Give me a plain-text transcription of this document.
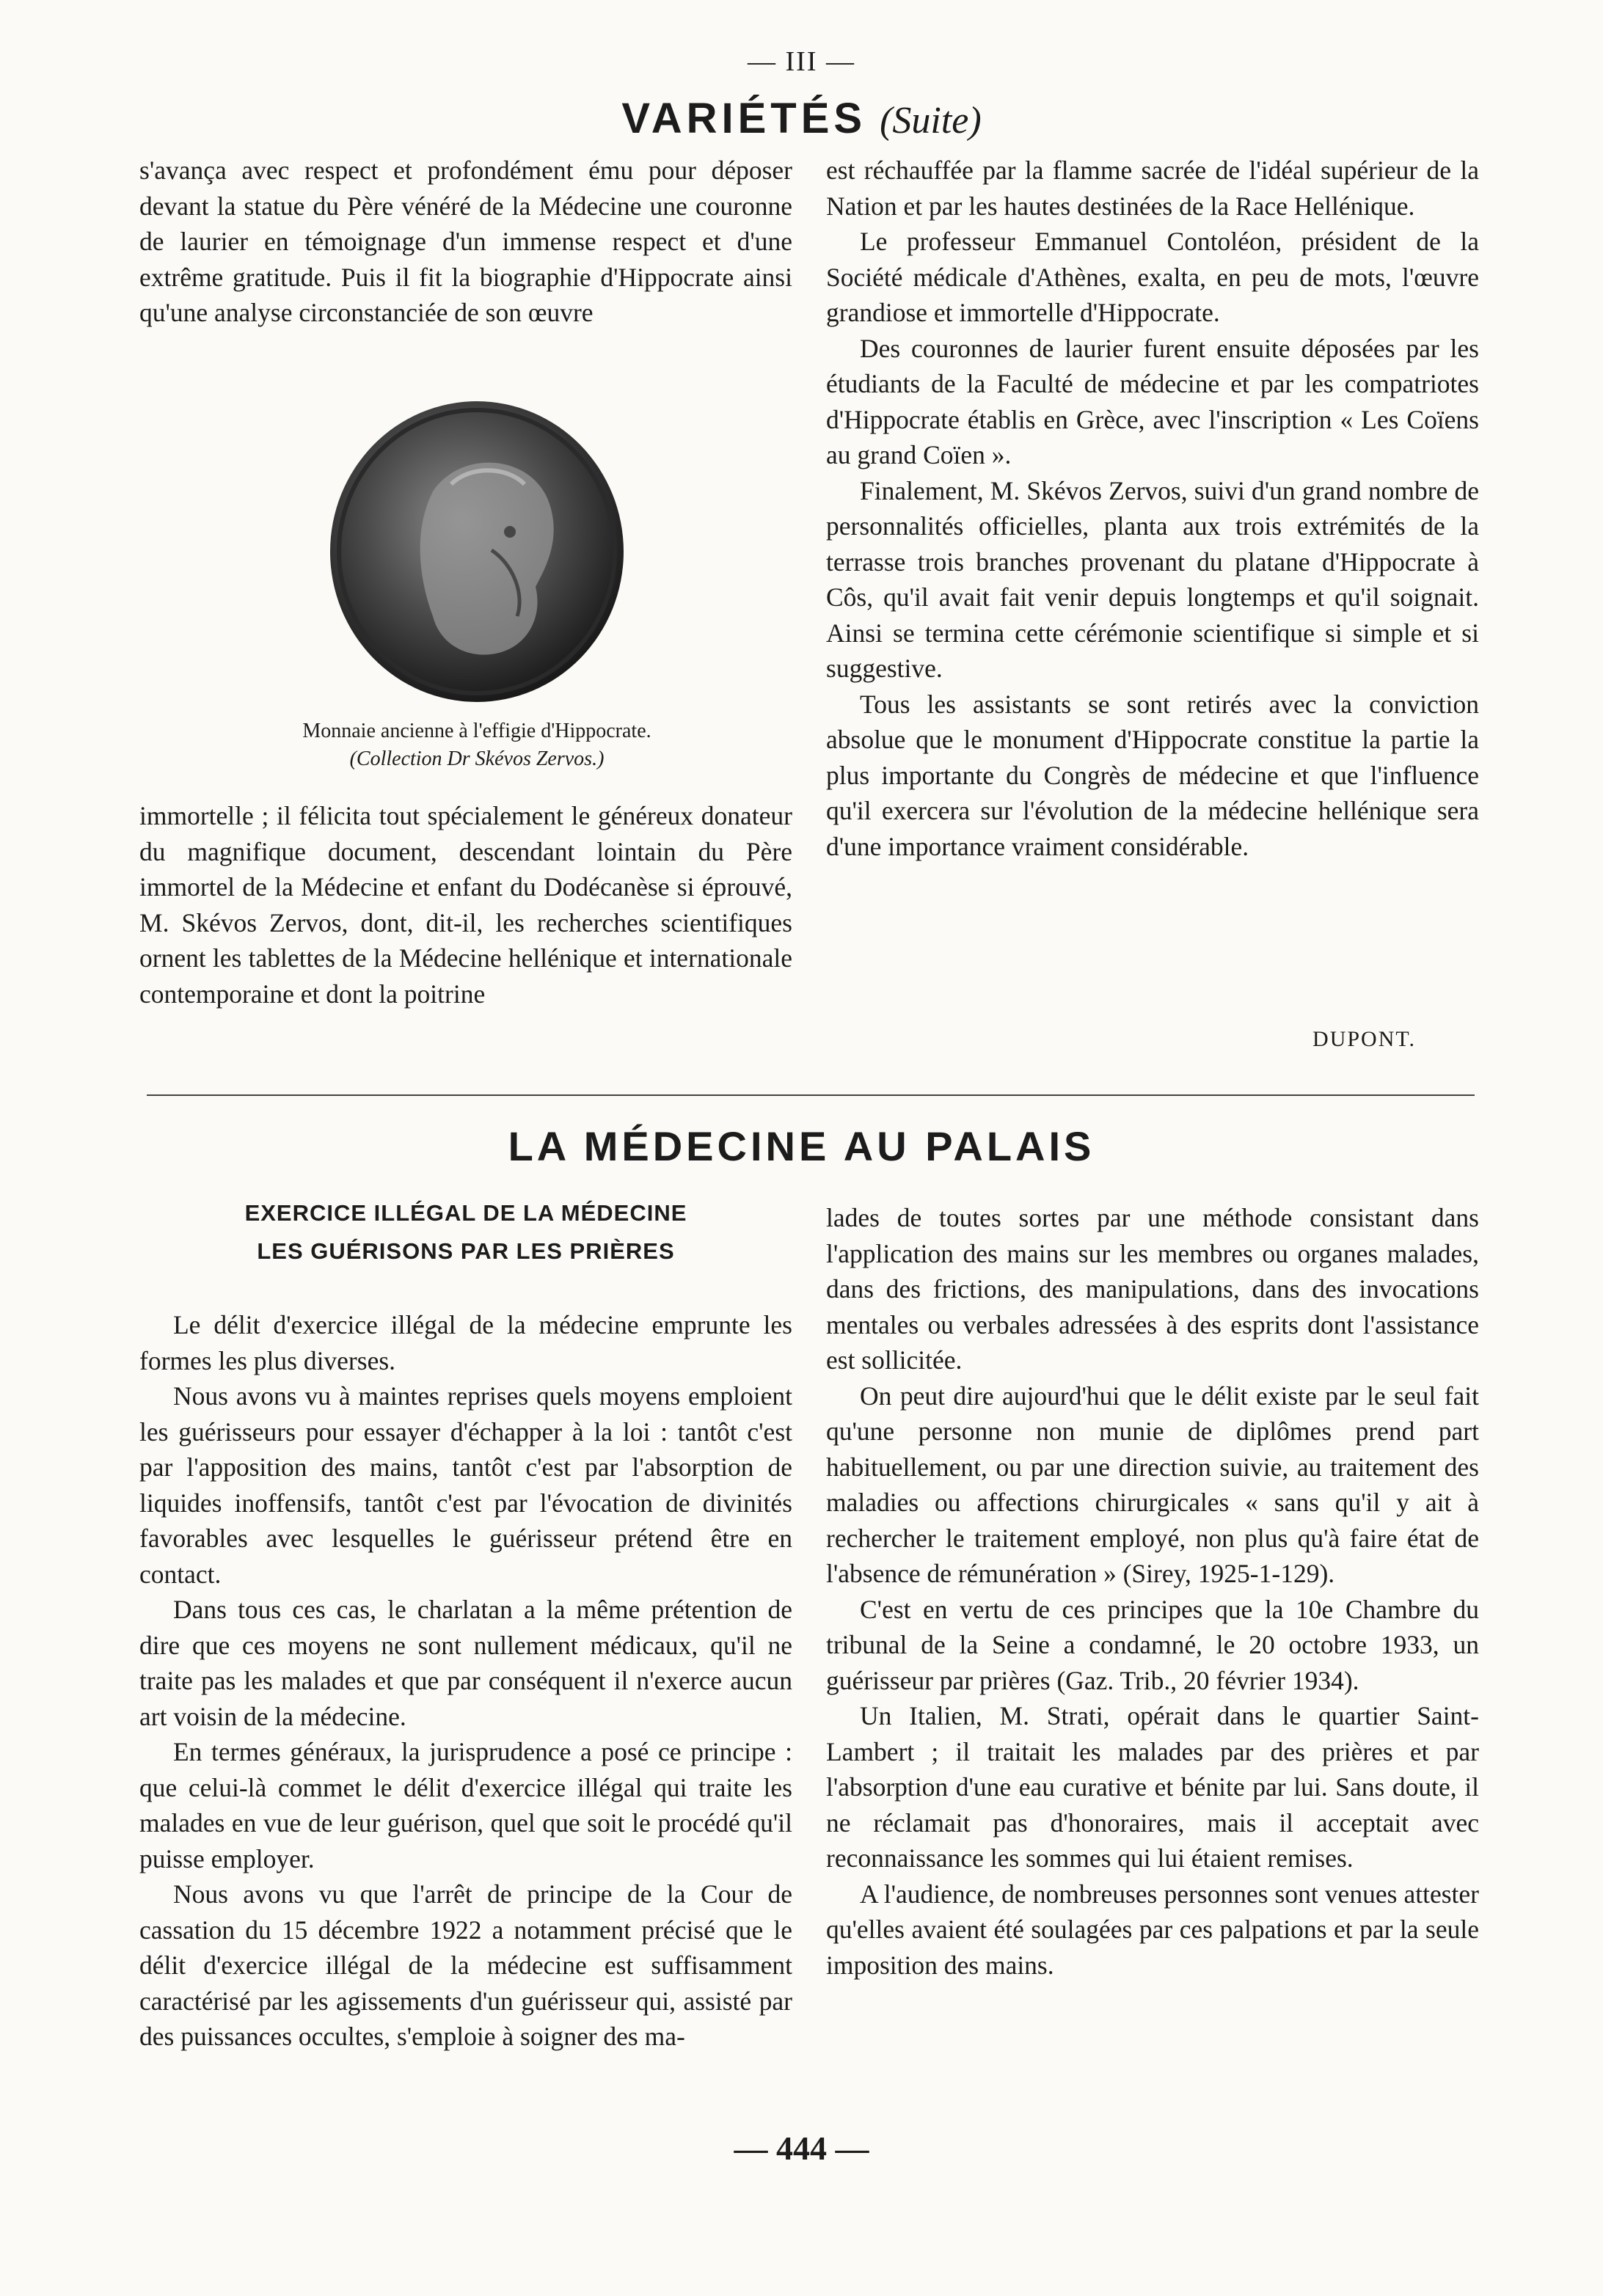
— III —
VARIÉTÉS (Suite)

s'avança avec respect et profondément ému pour déposer devant la statue du Père vénéré de la Médecine une couronne de laurier en témoignage d'un immense respect et d'une extrême gratitude. Puis il fit la biographie d'Hippocrate ainsi qu'une analyse circonstanciée de son œuvre

Monnaie ancienne à l'effigie d'Hippocrate.
(Collection Dr Skévos Zervos.)

immortelle ; il félicita tout spécialement le généreux donateur du magnifique document, descendant lointain du Père immortel de la Médecine et enfant du Dodécanèse si éprouvé, M. Skévos Zervos, dont, dit-il, les recherches scientifiques ornent les tablettes de la Médecine hellénique et internationale contemporaine et dont la poitrine

est réchauffée par la flamme sacrée de l'idéal supérieur de la Nation et par les hautes destinées de la Race Hellénique.

Le professeur Emmanuel Contoléon, président de la Société médicale d'Athènes, exalta, en peu de mots, l'œuvre grandiose et immortelle d'Hippocrate.

Des couronnes de laurier furent ensuite déposées par les étudiants de la Faculté de médecine et par les compatriotes d'Hippocrate établis en Grèce, avec l'inscription « Les Coïens au grand Coïen ».

Finalement, M. Skévos Zervos, suivi d'un grand nombre de personnalités officielles, planta aux trois extrémités de la terrasse trois branches provenant du platane d'Hippocrate à Côs, qu'il avait fait venir depuis longtemps et qu'il soignait. Ainsi se termina cette cérémonie scientifique si simple et si suggestive.

Tous les assistants se sont retirés avec la conviction absolue que le monument d'Hippocrate constitue la partie la plus importante du Congrès de médecine et que l'influence qu'il exercera sur l'évolution de la médecine hellénique sera d'une importance vraiment considérable.

DUPONT.
LA MÉDECINE AU PALAIS
EXERCICE ILLÉGAL DE LA MÉDECINE
LES GUÉRISONS PAR LES PRIÈRES

Le délit d'exercice illégal de la médecine emprunte les formes les plus diverses.

Nous avons vu à maintes reprises quels moyens emploient les guérisseurs pour essayer d'échapper à la loi : tantôt c'est par l'apposition des mains, tantôt c'est par l'absorption de liquides inoffensifs, tantôt c'est par l'évocation de divinités favorables avec lesquelles le guérisseur prétend être en contact.

Dans tous ces cas, le charlatan a la même prétention de dire que ces moyens ne sont nullement médicaux, qu'il ne traite pas les malades et que par conséquent il n'exerce aucun art voisin de la médecine.

En termes généraux, la jurisprudence a posé ce principe : que celui-là commet le délit d'exercice illégal qui traite les malades en vue de leur guérison, quel que soit le procédé qu'il puisse employer.

Nous avons vu que l'arrêt de principe de la Cour de cassation du 15 décembre 1922 a notamment précisé que le délit d'exercice illégal de la médecine est suffisamment caractérisé par les agissements d'un guérisseur qui, assisté par des puissances occultes, s'emploie à soigner des ma-

lades de toutes sortes par une méthode consistant dans l'application des mains sur les membres ou organes malades, dans des frictions, des manipulations, dans des invocations mentales ou verbales adressées à des esprits dont l'assistance est sollicitée.

On peut dire aujourd'hui que le délit existe par le seul fait qu'une personne non munie de diplômes prend part habituellement, ou par une direction suivie, au traitement des maladies ou affections chirurgicales « sans qu'il y ait à rechercher le traitement employé, non plus qu'à faire état de l'absence de rémunération » (Sirey, 1925-1-129).

C'est en vertu de ces principes que la 10e Chambre du tribunal de la Seine a condamné, le 20 octobre 1933, un guérisseur par prières (Gaz. Trib., 20 février 1934).

Un Italien, M. Strati, opérait dans le quartier Saint-Lambert ; il traitait les malades par des prières et par l'absorption d'une eau curative et bénite par lui. Sans doute, il ne réclamait pas d'honoraires, mais il acceptait avec reconnaissance les sommes qui lui étaient remises.

A l'audience, de nombreuses personnes sont venues attester qu'elles avaient été soulagées par ces palpations et par la seule imposition des mains.

— 444 —
